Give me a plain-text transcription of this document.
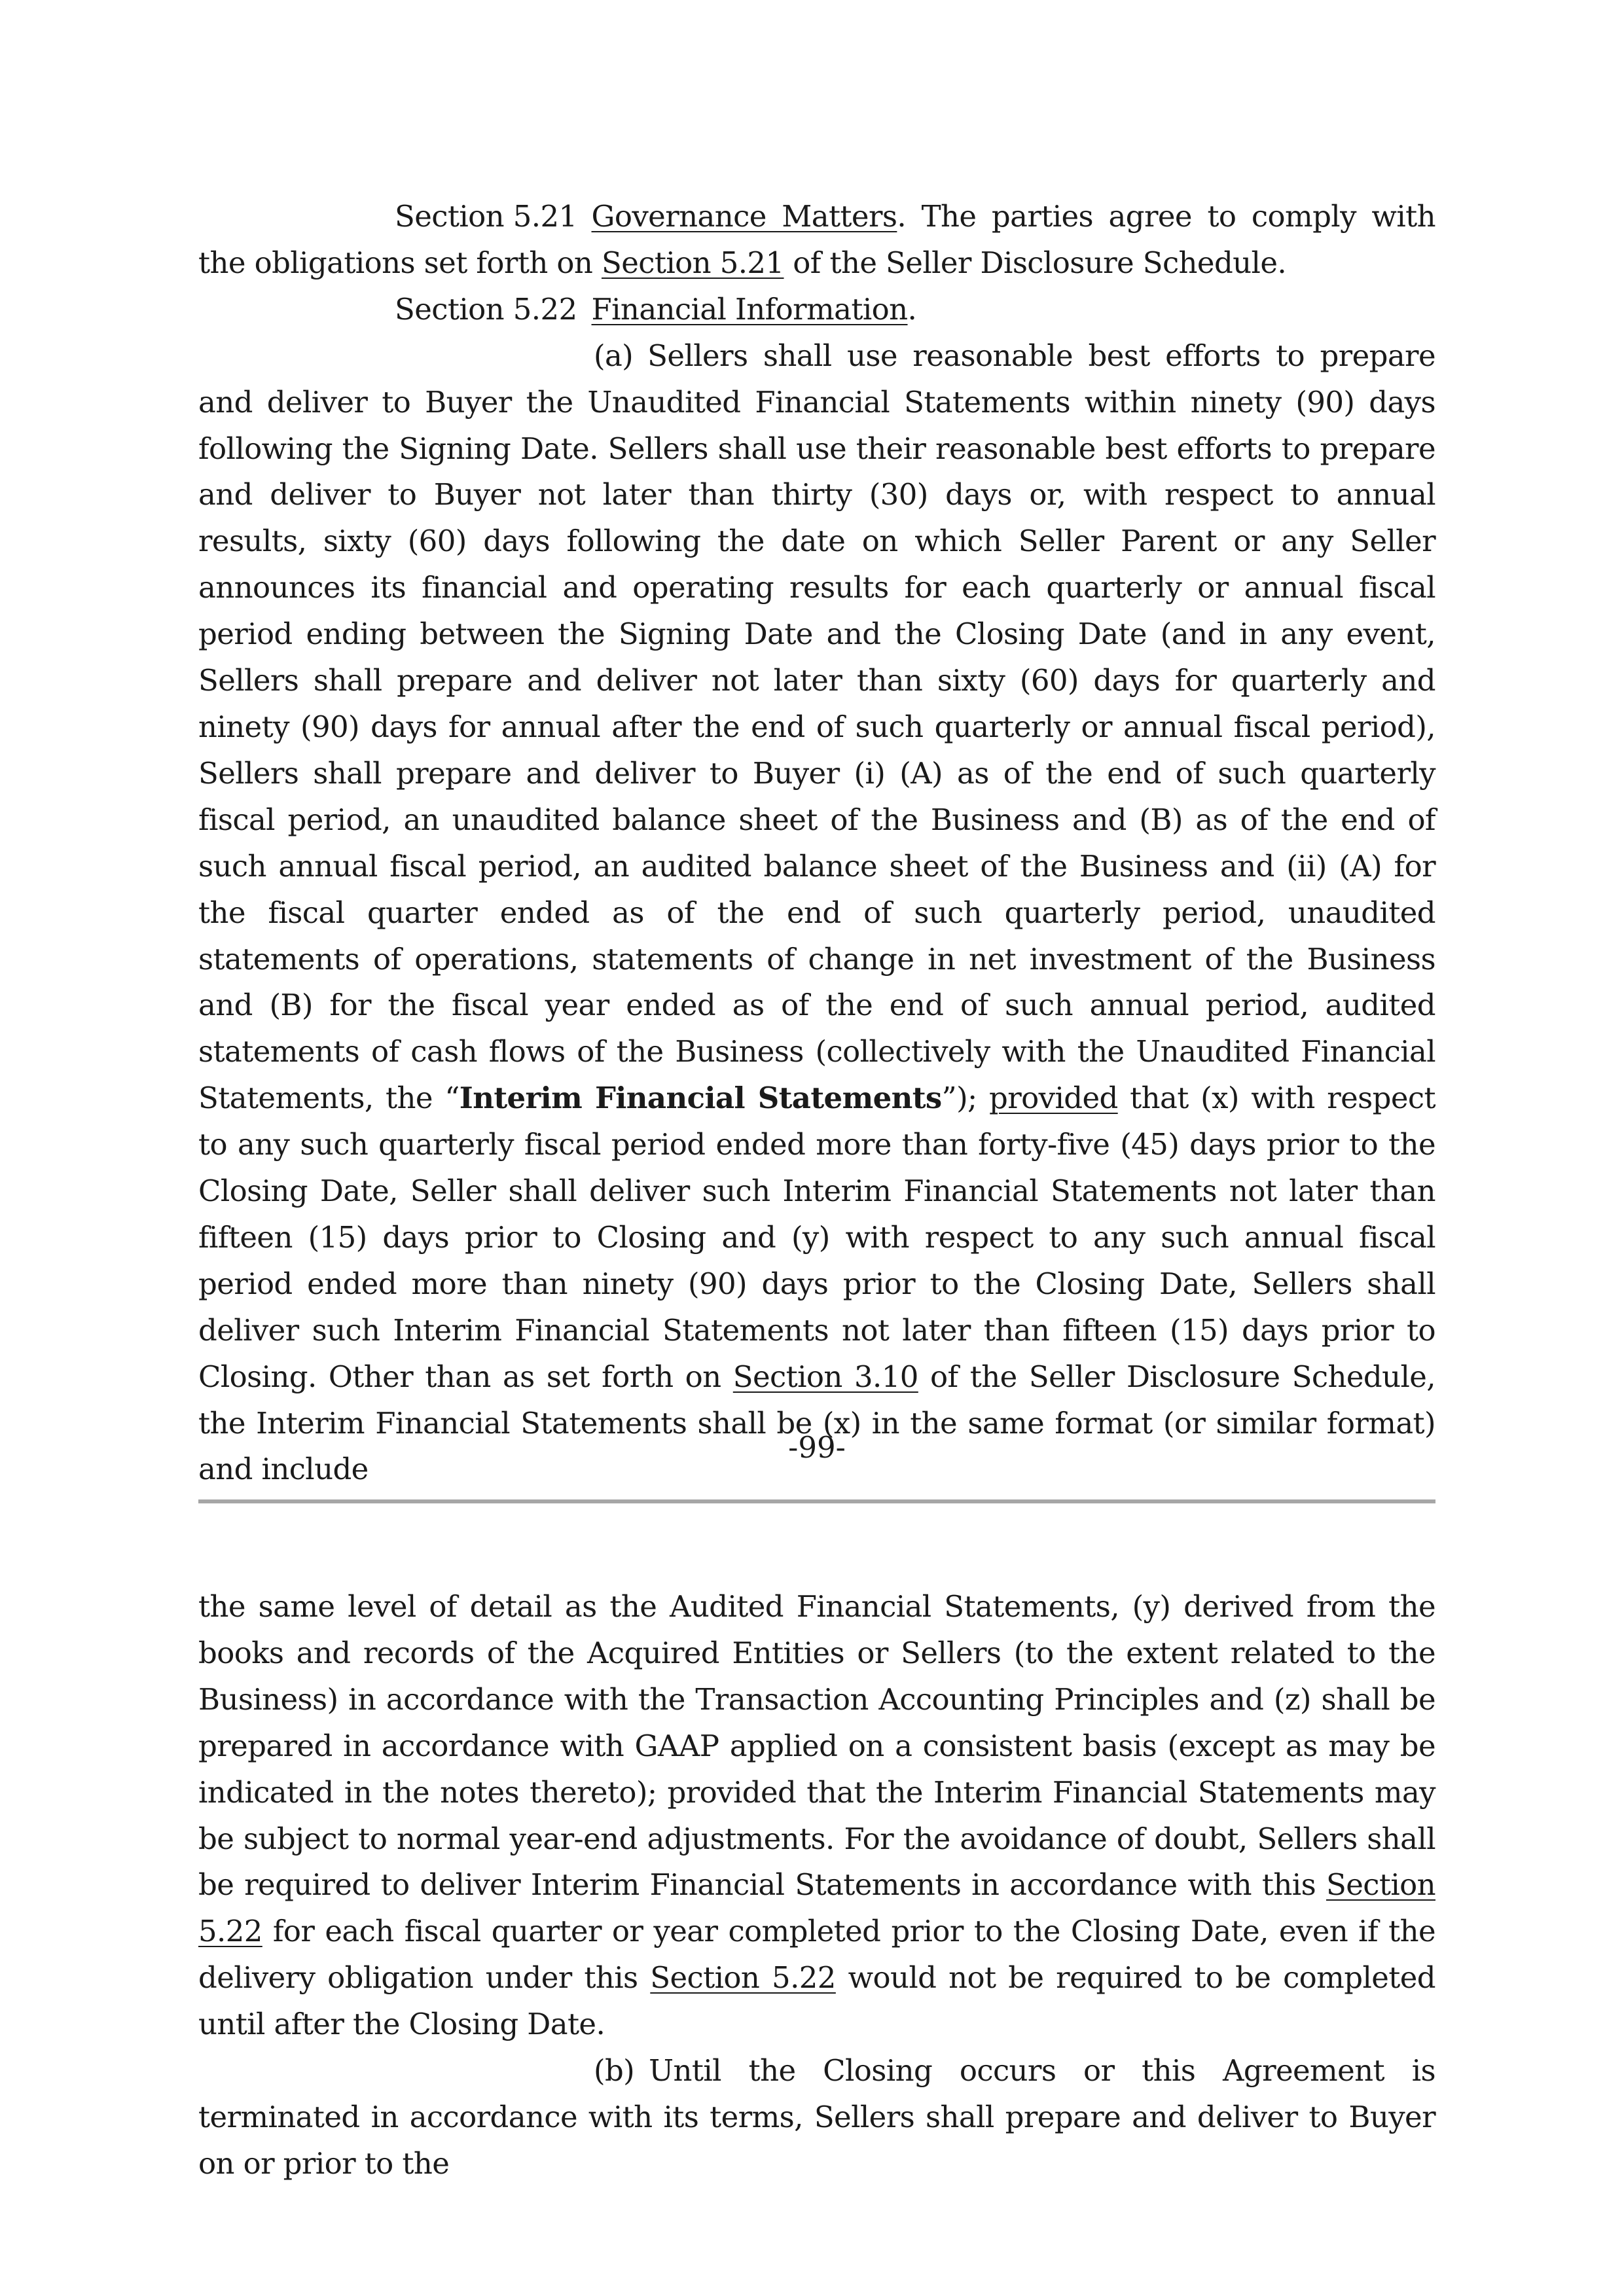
Section 5.21 Governance Matters. The parties agree to comply with the obligations set forth on Section 5.21 of the Seller Disclosure Schedule.

Section 5.22 Financial Information.

(a) Sellers shall use reasonable best efforts to prepare and deliver to Buyer the Unaudited Financial Statements within ninety (90) days following the Signing Date. Sellers shall use their reasonable best efforts to prepare and deliver to Buyer not later than thirty (30) days or, with respect to annual results, sixty (60) days following the date on which Seller Parent or any Seller announces its financial and operating results for each quarterly or annual fiscal period ending between the Signing Date and the Closing Date (and in any event, Sellers shall prepare and deliver not later than sixty (60) days for quarterly and ninety (90) days for annual after the end of such quarterly or annual fiscal period), Sellers shall prepare and deliver to Buyer (i) (A) as of the end of such quarterly fiscal period, an unaudited balance sheet of the Business and (B) as of the end of such annual fiscal period, an audited balance sheet of the Business and (ii) (A) for the fiscal quarter ended as of the end of such quarterly period, unaudited statements of operations, statements of change in net investment of the Business and (B) for the fiscal year ended as of the end of such annual period, audited statements of cash flows of the Business (collectively with the Unaudited Financial Statements, the “Interim Financial Statements”); provided that (x) with respect to any such quarterly fiscal period ended more than forty-five (45) days prior to the Closing Date, Seller shall deliver such Interim Financial Statements not later than fifteen (15) days prior to Closing and (y) with respect to any such annual fiscal period ended more than ninety (90) days prior to the Closing Date, Sellers shall deliver such Interim Financial Statements not later than fifteen (15) days prior to Closing. Other than as set forth on Section 3.10 of the Seller Disclosure Schedule, the Interim Financial Statements shall be (x) in the same format (or similar format) and include

-99-

the same level of detail as the Audited Financial Statements, (y) derived from the books and records of the Acquired Entities or Sellers (to the extent related to the Business) in accordance with the Transaction Accounting Principles and (z) shall be prepared in accordance with GAAP applied on a consistent basis (except as may be indicated in the notes thereto); provided that the Interim Financial Statements may be subject to normal year-end adjustments. For the avoidance of doubt, Sellers shall be required to deliver Interim Financial Statements in accordance with this Section 5.22 for each fiscal quarter or year completed prior to the Closing Date, even if the delivery obligation under this Section 5.22 would not be required to be completed until after the Closing Date.

(b) Until the Closing occurs or this Agreement is terminated in accordance with its terms, Sellers shall prepare and deliver to Buyer on or prior to the
